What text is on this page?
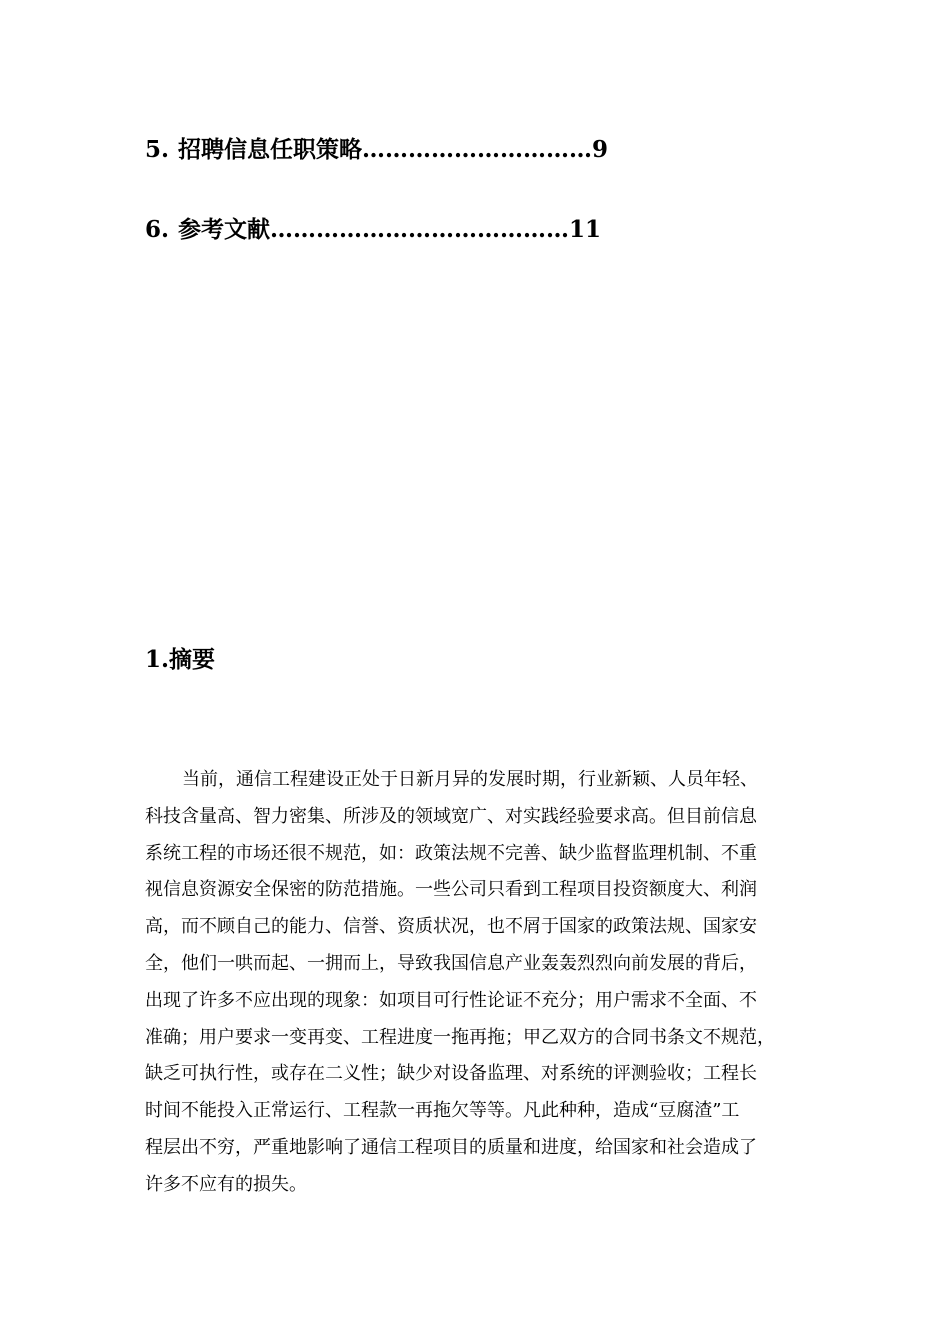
5. 招聘信息任职策略…………………………9
6. 参考文献…………………………………11
1.摘要
当前，通信工程建设正处于日新月异的发展时期，行业新颖、人员年轻、
科技含量高、智力密集、所涉及的领域宽广、对实践经验要求高。但目前信息
系统工程的市场还很不规范，如：政策法规不完善、缺少监督监理机制、不重
视信息资源安全保密的防范措施。一些公司只看到工程项目投资额度大、利润
高，而不顾自己的能力、信誉、资质状况，也不屑于国家的政策法规、国家安
全，他们一哄而起、一拥而上，导致我国信息产业轰轰烈烈向前发展的背后，
出现了许多不应出现的现象：如项目可行性论证不充分；用户需求不全面、不
准确；用户要求一变再变、工程进度一拖再拖；甲乙双方的合同书条文不规范，
缺乏可执行性，或存在二义性；缺少对设备监理、对系统的评测验收；工程长
时间不能投入正常运行、工程款一再拖欠等等。凡此种种，造成“豆腐渣”工
程层出不穷，严重地影响了通信工程项目的质量和进度，给国家和社会造成了
许多不应有的损失。
